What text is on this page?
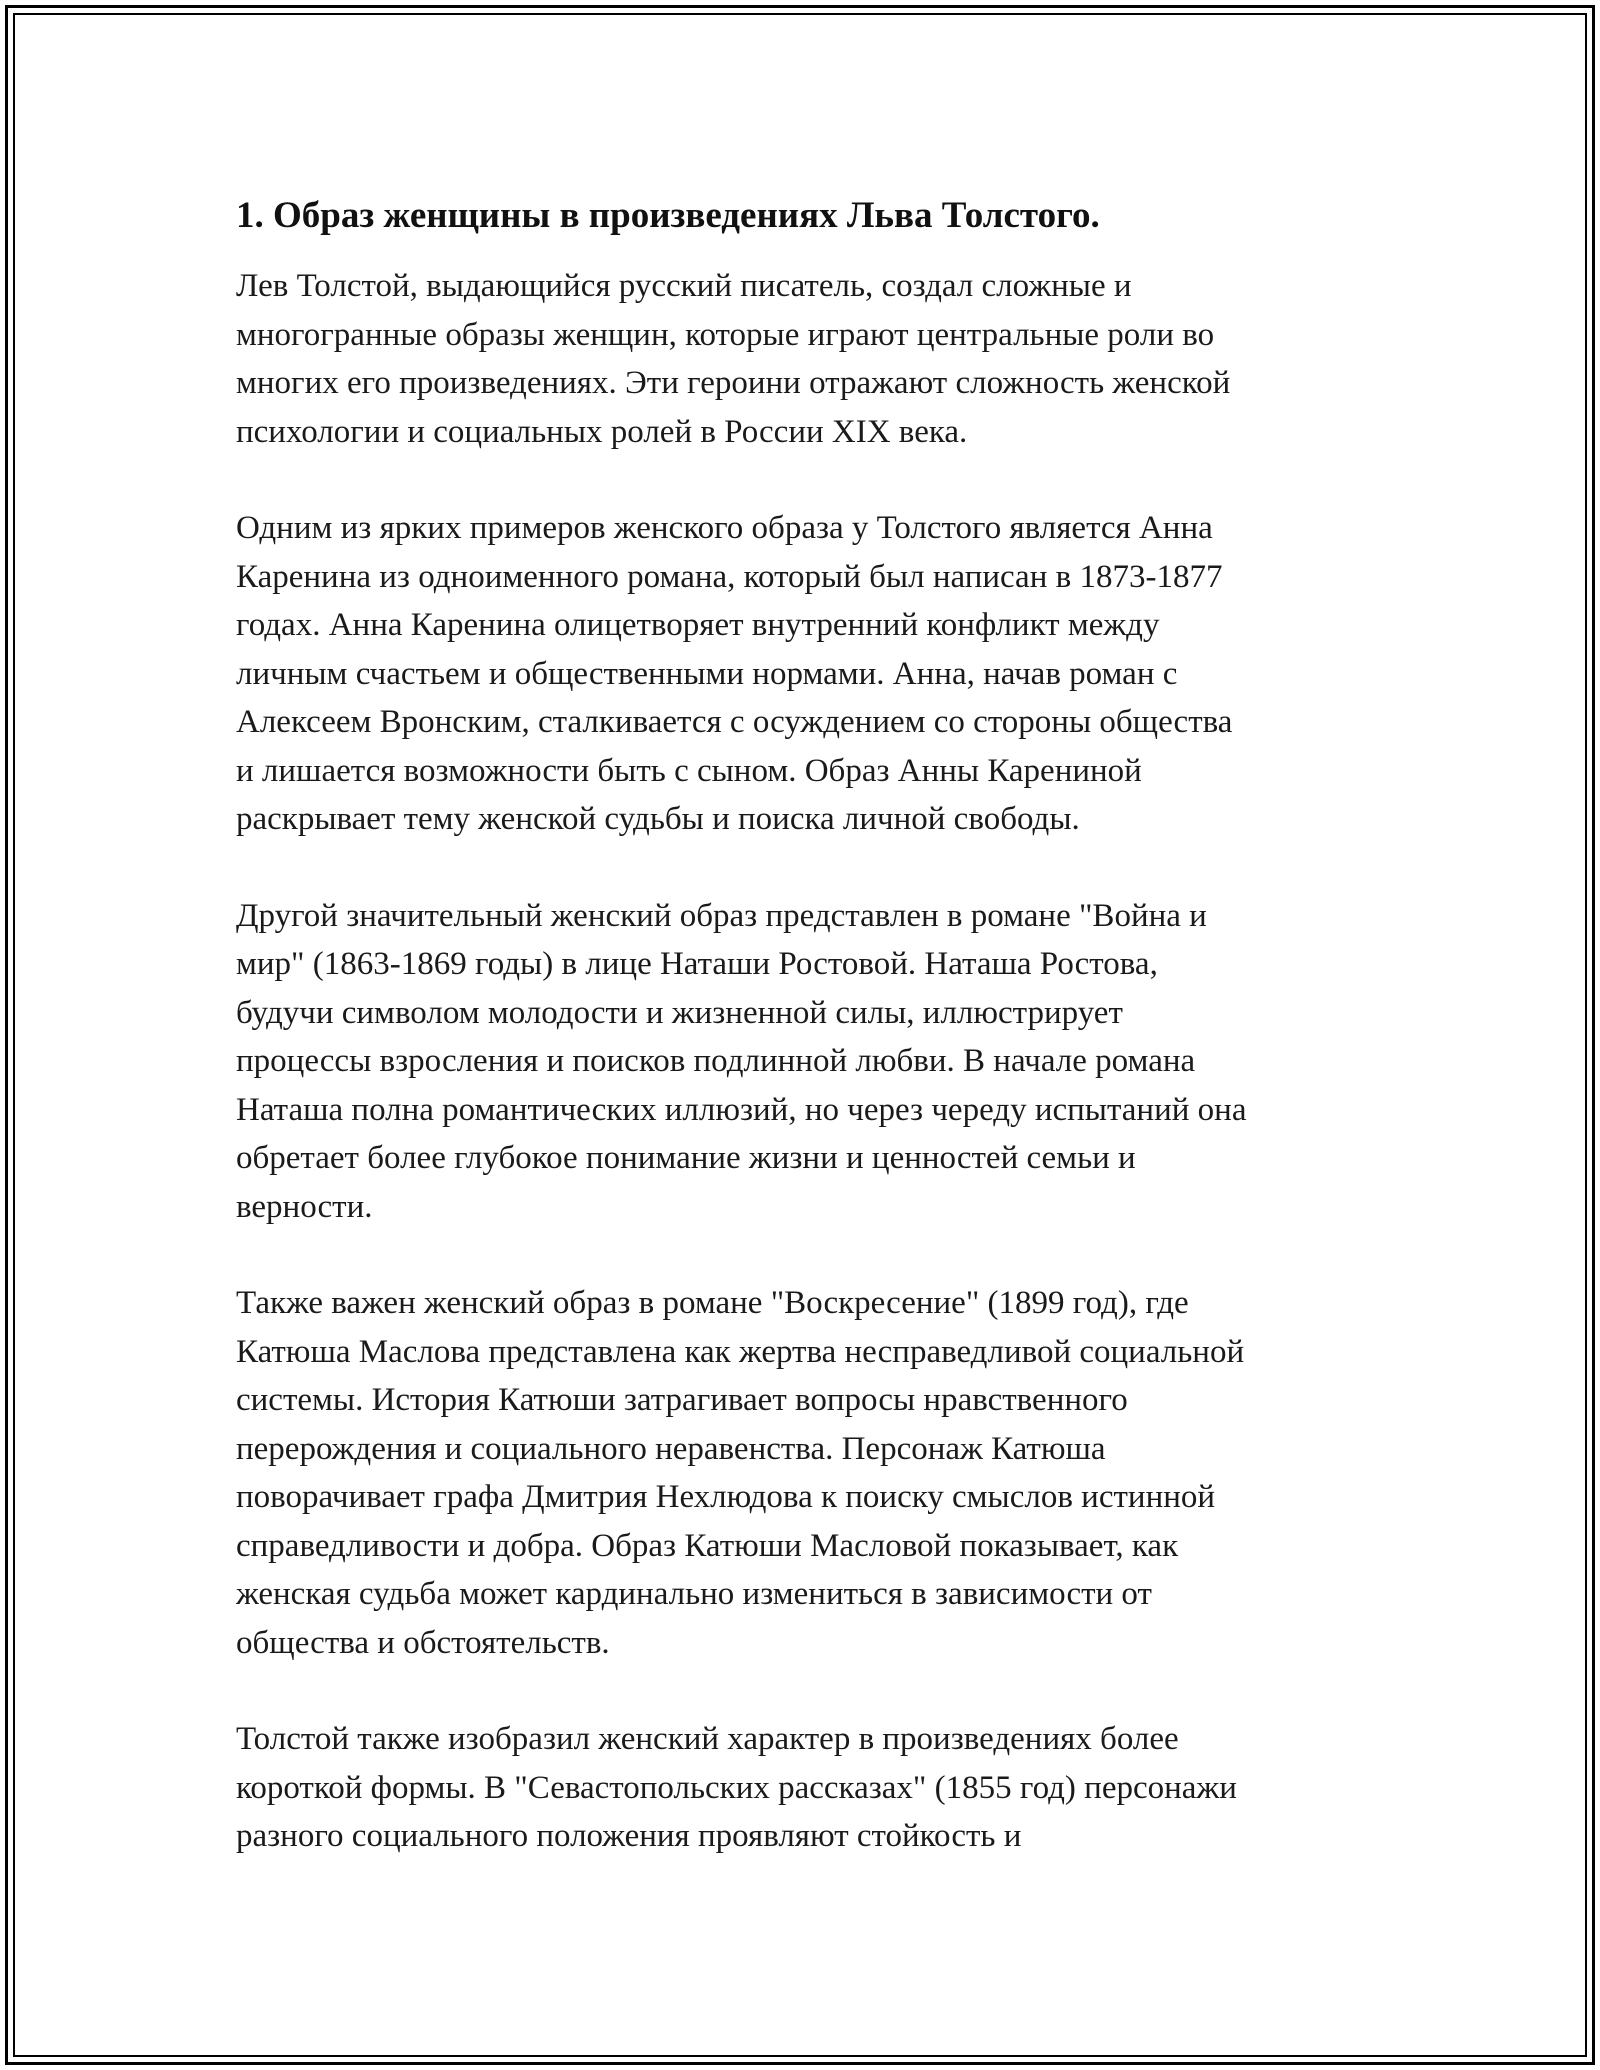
1. Образ женщины в произведениях Льва Толстого.

Лев Толстой, выдающийся русский писатель, создал сложные и
многогранные образы женщин, которые играют центральные роли во
многих его произведениях. Эти героини отражают сложность женской
психологии и социальных ролей в России XIX века.

Одним из ярких примеров женского образа у Толстого является Анна
Каренина из одноименного романа, который был написан в 1873-1877
годах. Анна Каренина олицетворяет внутренний конфликт между
личным счастьем и общественными нормами. Анна, начав роман с
Алексеем Вронским, сталкивается с осуждением со стороны общества
и лишается возможности быть с сыном. Образ Анны Карениной
раскрывает тему женской судьбы и поиска личной свободы.

Другой значительный женский образ представлен в романе "Война и
мир" (1863-1869 годы) в лице Наташи Ростовой. Наташа Ростова,
будучи символом молодости и жизненной силы, иллюстрирует
процессы взросления и поисков подлинной любви. В начале романа
Наташа полна романтических иллюзий, но через череду испытаний она
обретает более глубокое понимание жизни и ценностей семьи и
верности.

Также важен женский образ в романе "Воскресение" (1899 год), где
Катюша Маслова представлена как жертва несправедливой социальной
системы. История Катюши затрагивает вопросы нравственного
перерождения и социального неравенства. Персонаж Катюша
поворачивает графа Дмитрия Нехлюдова к поиску смыслов истинной
справедливости и добра. Образ Катюши Масловой показывает, как
женская судьба может кардинально измениться в зависимости от
общества и обстоятельств.

Толстой также изобразил женский характер в произведениях более
короткой формы. В "Севастопольских рассказах" (1855 год) персонажи
разного социального положения проявляют стойкость и
